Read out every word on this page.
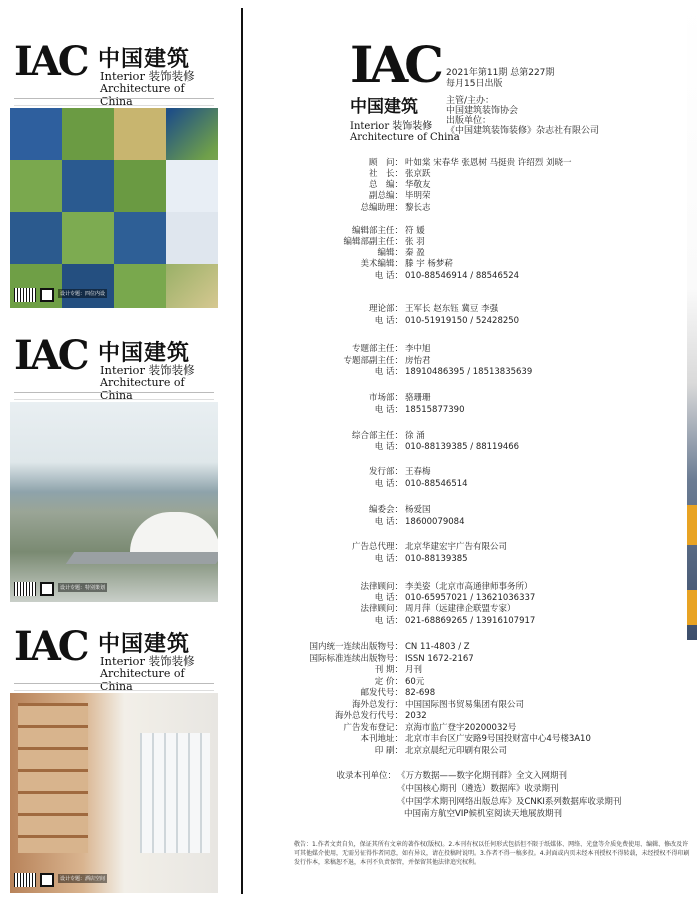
IAC 中国建筑
Interior 装饰装修
Architecture of China
设计专题：四位内设
IAC 中国建筑
Interior 装饰装修
Architecture of China
设计专题：特别策划
IAC 中国建筑
Interior 装饰装修
Architecture of China
设计专题：酒店空间
IAC
中国建筑
Interior 装饰装修
Architecture of China
2021年第11期 总第227期
每月15日出版
主管/主办：
中国建筑装饰协会
出版单位：
《中国建筑装饰装修》杂志社有限公司
顾　问： 叶如棠 宋春华 张恩树 马挺贵 许绍烈 刘晓一
社　长： 张京跃
总　编： 华敬友
副总编： 毕明荣
总编助理： 黎长志
编辑部主任： 符 媛
编辑部副主任： 张 羽
编辑： 秦 盈
美术编辑： 滕 宇 杨梦菥
电 话： 010-88546914 / 88546524
理论部： 王军长 赵东钰 冀豆 李强
电 话： 010-51919150 / 52428250
专题部主任： 李中旭
专题部副主任： 房怡君
电 话： 18910486395 / 18513835639
市场部： 骆珊珊
电 话： 18515877390
综合部主任： 徐 涌
电 话： 010-88139385 / 88119466
发行部： 王春梅
电 话： 010-88546514
编委会： 杨爱国
电 话： 18600079084
广告总代理： 北京华建宏宇广告有限公司
电 话： 010-88139385
法律顾问： 李美姿（北京市高通律师事务所）
电 话： 010-65957021 / 13621036337
法律顾问： 周月萍（远建律企联盟专家）
电 话： 021-68869265 / 13916107917
国内统一连续出版物号： CN 11-4803 / Z
国际标准连续出版物号： ISSN 1672-2167
刊 期： 月刊
定 价： 60元
邮发代号： 82-698
海外总发行： 中国国际图书贸易集团有限公司
海外总发行代号： 2032
广告发布登记： 京海市监广登字20200032号
本刊地址： 北京市丰台区广安路9号国投财富中心4号楼3A10
印 刷： 北京京晨纪元印刷有限公司
收录本刊单位： 《万方数据——数字化期刊群》全文入网期刊
《中国核心期刊（遴选）数据库》收录期刊
《中国学术期刊网络出版总库》及CNKI系列数据库收录期刊
中国南方航空VIP候机室阅读天地展放期刊
敬告：1.作者文责自负，保证其所有文章的著作权(版权)。2.本刊有权以任何形式包括但不限于纸媒体、网络、光盘等介质免费使用、编辑、修改及许可其他媒介使用，无需另征得作者同意，如有异议，请在投稿时说明。3.作者不得一稿多投。4.封面或内页未经本刊授权不得转载，未经授权不得印刷发行作本，来稿恕不退，本刊不负责保管，并保留其他法律追究权利。
